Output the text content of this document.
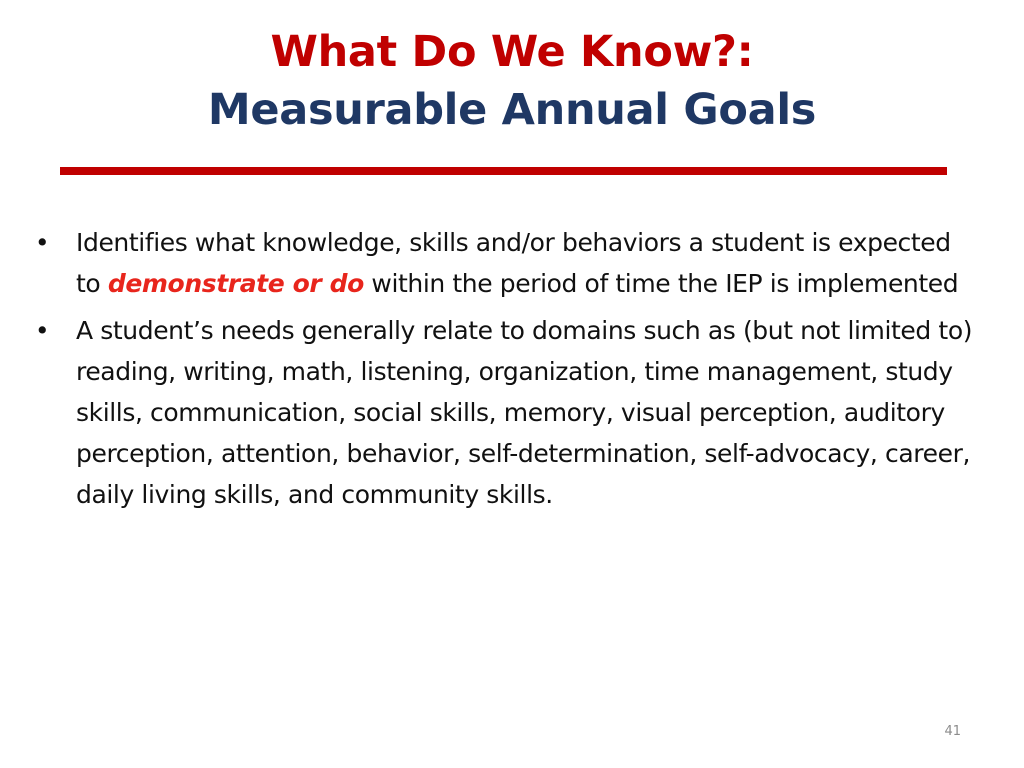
What Do We Know?:
Measurable Annual Goals
• Identifies what knowledge, skills and/or behaviors a student is expected to demonstrate or do within the period of time the IEP is implemented
• A student’s needs generally relate to domains such as (but not limited to) reading, writing, math, listening, organization, time management, study skills, communication, social skills, memory, visual perception, auditory perception, attention, behavior, self-determination, self-advocacy, career, daily living skills, and community skills.
41
